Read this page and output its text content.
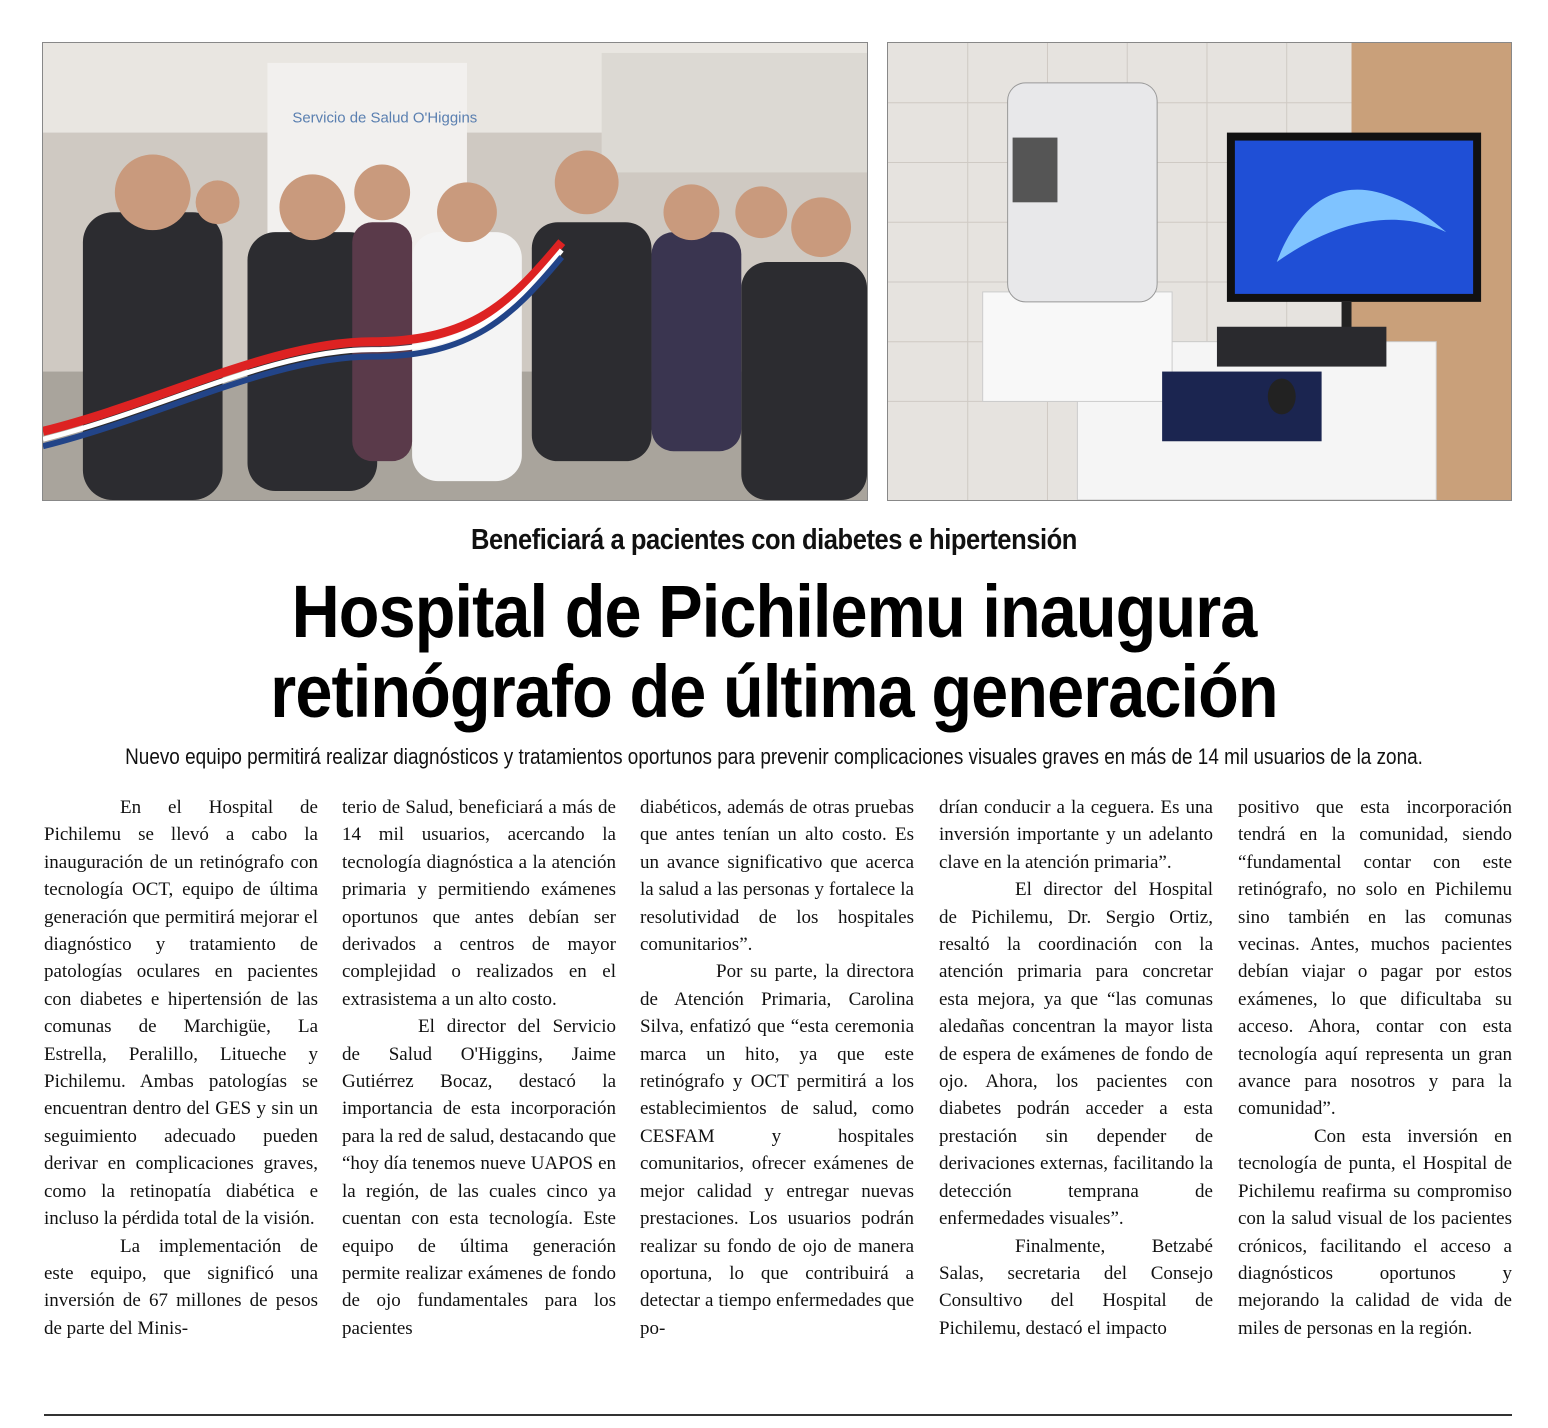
Servicio de Salud O'Higgins
Beneficiará a pacientes con diabetes e hipertensión
Hospital de Pichilemu inaugura
retinógrafo de última generación
Nuevo equipo permitirá realizar diagnósticos y tratamientos oportunos para prevenir complicaciones visuales graves en más de 14 mil usuarios de la zona.

En el Hospital de Pichilemu se llevó a cabo la inauguración de un retinógrafo con tecnología OCT, equipo de última generación que permitirá mejorar el diagnóstico y tratamiento de patologías oculares en pacientes con diabetes e hipertensión de las comunas de Marchigüe, La Estrella, Peralillo, Litueche y Pichilemu. Ambas patologías se encuentran dentro del GES y sin un seguimiento adecuado pueden derivar en complicaciones graves, como la retinopatía diabética e incluso la pérdida total de la visión.

La implementación de este equipo, que significó una inversión de 67 millones de pesos de parte del Minis-

terio de Salud, beneficiará a más de 14 mil usuarios, acercando la tecnología diagnóstica a la atención primaria y permitiendo exámenes oportunos que antes debían ser derivados a centros de mayor complejidad o realizados en el extrasistema a un alto costo.

El director del Servicio de Salud O'Higgins, Jaime Gutiérrez Bocaz, destacó la importancia de esta incorporación para la red de salud, destacando que “hoy día tenemos nueve UAPOS en la región, de las cuales cinco ya cuentan con esta tecnología. Este equipo de última generación permite realizar exámenes de fondo de ojo fundamentales para los pacientes

diabéticos, además de otras pruebas que antes tenían un alto costo. Es un avance significativo que acerca la salud a las personas y fortalece la resolutividad de los hospitales comunitarios”.

Por su parte, la directora de Atención Primaria, Carolina Silva, enfatizó que “esta ceremonia marca un hito, ya que este retinógrafo y OCT permitirá a los establecimientos de salud, como CESFAM y hospitales comunitarios, ofrecer exámenes de mejor calidad y entregar nuevas prestaciones. Los usuarios podrán realizar su fondo de ojo de manera oportuna, lo que contribuirá a detectar a tiempo enfermedades que po-

drían conducir a la ceguera. Es una inversión importante y un adelanto clave en la atención primaria”.

El director del Hospital de Pichilemu, Dr. Sergio Ortiz, resaltó la coordinación con la atención primaria para concretar esta mejora, ya que “las comunas aledañas concentran la mayor lista de espera de exámenes de fondo de ojo. Ahora, los pacientes con diabetes podrán acceder a esta prestación sin depender de derivaciones externas, facilitando la detección temprana de enfermedades visuales”.

Finalmente, Betzabé Salas, secretaria del Consejo Consultivo del Hospital de Pichilemu, destacó el impacto

positivo que esta incorporación tendrá en la comunidad, siendo “fundamental contar con este retinógrafo, no solo en Pichilemu sino también en las comunas vecinas. Antes, muchos pacientes debían viajar o pagar por estos exámenes, lo que dificultaba su acceso. Ahora, contar con esta tecnología aquí representa un gran avance para nosotros y para la comunidad”.

Con esta inversión en tecnología de punta, el Hospital de Pichilemu reafirma su compromiso con la salud visual de los pacientes crónicos, facilitando el acceso a diagnósticos oportunos y mejorando la calidad de vida de miles de personas en la región.
